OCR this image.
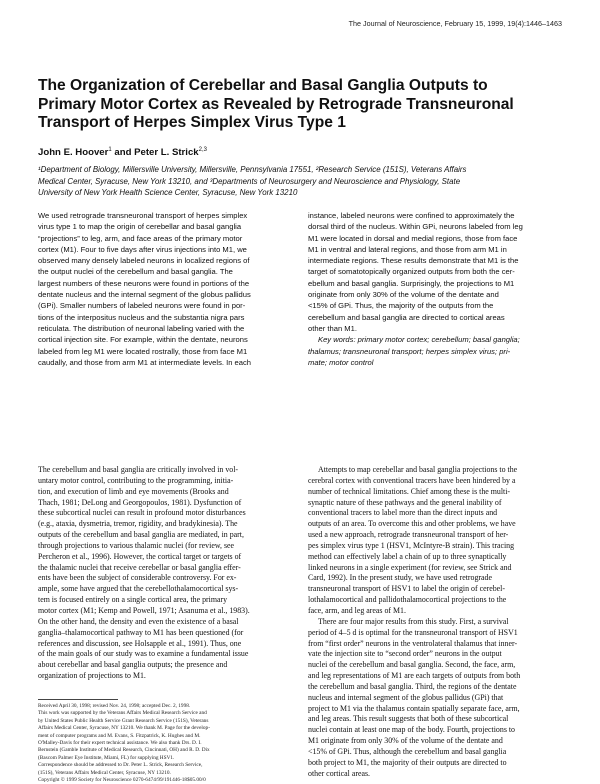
The Journal of Neuroscience, February 15, 1999, 19(4):1446–1463
The Organization of Cerebellar and Basal Ganglia Outputs to
Primary Motor Cortex as Revealed by Retrograde Transneuronal
Transport of Herpes Simplex Virus Type 1
John E. Hoover$^1$ and Peter L. Strick$^{2,3}$
¹Department of Biology, Millersville University, Millersville, Pennsylvania 17551, ²Research Service (151S), Veterans Affairs
Medical Center, Syracuse, New York 13210, and ³Departments of Neurosurgery and Neuroscience and Physiology, State
University of New York Health Science Center, Syracuse, New York 13210
We used retrograde transneuronal transport of herpes simplex
virus type 1 to map the origin of cerebellar and basal ganglia
“projections” to leg, arm, and face areas of the primary motor
cortex (M1). Four to five days after virus injections into M1, we
observed many densely labeled neurons in localized regions of
the output nuclei of the cerebellum and basal ganglia. The
largest numbers of these neurons were found in portions of the
dentate nucleus and the internal segment of the globus pallidus
(GPi). Smaller numbers of labeled neurons were found in por-
tions of the interpositus nucleus and the substantia nigra pars
reticulata. The distribution of neuronal labeling varied with the
cortical injection site. For example, within the dentate, neurons
labeled from leg M1 were located rostrally, those from face M1
caudally, and those from arm M1 at intermediate levels. In each
instance, labeled neurons were confined to approximately the
dorsal third of the nucleus. Within GPi, neurons labeled from leg
M1 were located in dorsal and medial regions, those from face
M1 in ventral and lateral regions, and those from arm M1 in
intermediate regions. These results demonstrate that M1 is the
target of somatotopically organized outputs from both the cer-
ebellum and basal ganglia. Surprisingly, the projections to M1
originate from only 30% of the volume of the dentate and
<15% of GPi. Thus, the majority of the outputs from the
cerebellum and basal ganglia are directed to cortical areas
other than M1.
Key words: primary motor cortex; cerebellum; basal ganglia;
thalamus; transneuronal transport; herpes simplex virus; pri-
mate; motor control
The cerebellum and basal ganglia are critically involved in vol-
untary motor control, contributing to the programming, initia-
tion, and execution of limb and eye movements (Brooks and
Thach, 1981; DeLong and Georgopoulos, 1981). Dysfunction of
these subcortical nuclei can result in profound motor disturbances
(e.g., ataxia, dysmetria, tremor, rigidity, and bradykinesia). The
outputs of the cerebellum and basal ganglia are mediated, in part,
through projections to various thalamic nuclei (for review, see
Percheron et al., 1996). However, the cortical target or targets of
the thalamic nuclei that receive cerebellar or basal ganglia effer-
ents have been the subject of considerable controversy. For ex-
ample, some have argued that the cerebellothalamocortical sys-
tem is focused entirely on a single cortical area, the primary
motor cortex (M1; Kemp and Powell, 1971; Asanuma et al., 1983).
On the other hand, the density and even the existence of a basal
ganglia–thalamocortical pathway to M1 has been questioned (for
references and discussion, see Holsapple et al., 1991). Thus, one
of the main goals of our study was to examine a fundamental issue
about cerebellar and basal ganglia outputs; the presence and
organization of projections to M1.
Received April 30, 1998; revised Nov. 24, 1998; accepted Dec. 2, 1998.
This work was supported by the Veterans Affairs Medical Research Service and
by United States Public Health Service Grant Research Service (151S), Veterans
Affairs Medical Center, Syracuse, NY 13210. We thank M. Page for the develop-
ment of computer programs and M. Evans, S. Fitzpatrick, K. Hughes and M.
O'Malley-Davis for their expert technical assistance. We also thank Drs. D. I.
Bernstein (Gamble Institute of Medical Research, Cincinnati, OH) and R. D. Dix
(Bascom Palmer Eye Institute, Miami, FL) for supplying HSV1.
Correspondence should be addressed to Dr. Peter L. Strick, Research Service,
(151S), Veterans Affairs Medical Center, Syracuse, NY 13210.
Copyright © 1999 Society for Neuroscience 0270-6474/99/191446-18$05.00/0
Attempts to map cerebellar and basal ganglia projections to the
cerebral cortex with conventional tracers have been hindered by a
number of technical limitations. Chief among these is the multi-
synaptic nature of these pathways and the general inability of
conventional tracers to label more than the direct inputs and
outputs of an area. To overcome this and other problems, we have
used a new approach, retrograde transneuronal transport of her-
pes simplex virus type 1 (HSV1, McIntyre-B strain). This tracing
method can effectively label a chain of up to three synaptically
linked neurons in a single experiment (for review, see Strick and
Card, 1992). In the present study, we have used retrograde
transneuronal transport of HSV1 to label the origin of cerebel-
lothalamocortical and pallidothalamocortical projections to the
face, arm, and leg areas of M1.
There are four major results from this study. First, a survival
period of 4–5 d is optimal for the transneuronal transport of HSV1
from “first order” neurons in the ventrolateral thalamus that inner-
vate the injection site to “second order” neurons in the output
nuclei of the cerebellum and basal ganglia. Second, the face, arm,
and leg representations of M1 are each targets of outputs from both
the cerebellum and basal ganglia. Third, the regions of the dentate
nucleus and internal segment of the globus pallidus (GPi) that
project to M1 via the thalamus contain spatially separate face, arm,
and leg areas. This result suggests that both of these subcortical
nuclei contain at least one map of the body. Fourth, projections to
M1 originate from only 30% of the volume of the dentate and
<15% of GPi. Thus, although the cerebellum and basal ganglia
both project to M1, the majority of their outputs are directed to
other cortical areas.
